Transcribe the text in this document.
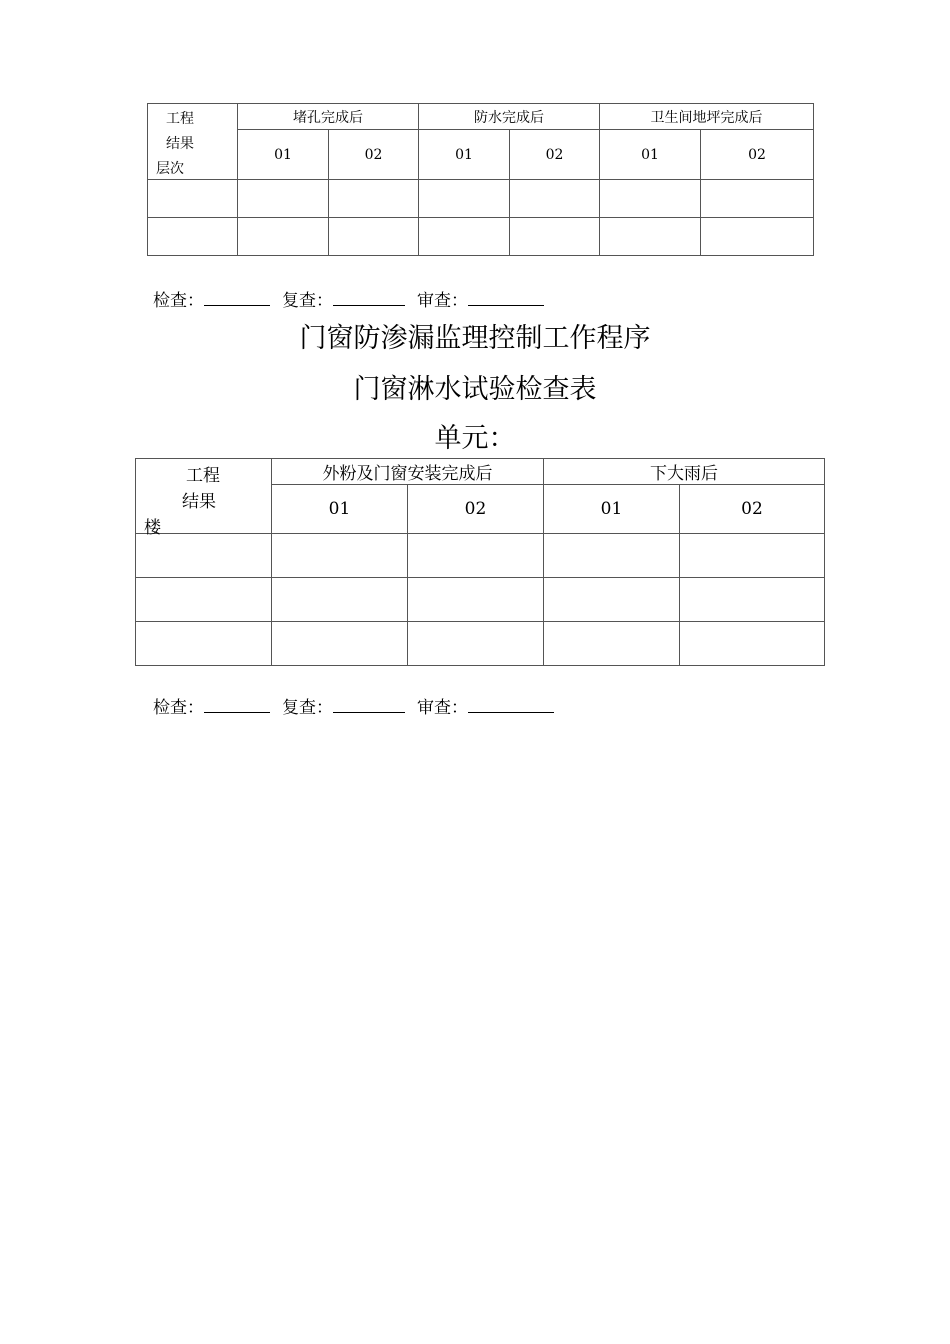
工程
结果
层次	堵孔完成后		防水完成后		卫生间地坪完成后	
	01	02	01	02	01	02

检查：	复查：	审查：
门窗防渗漏监理控制工作程序
门窗淋水试验检查表
单元：
工程
结果
楼	外粉及门窗安装完成后		下大雨后	
	01	02	01	02

检查：	复查：	审查：
